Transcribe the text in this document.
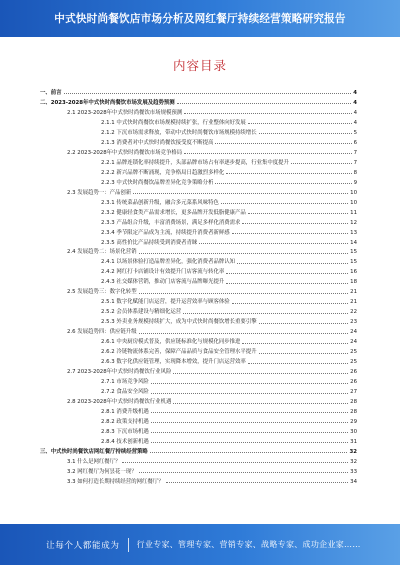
中式快时尚餐饮店市场分析及网红餐厅持续经营策略研究报告
内容目录
一、前言	4
二、2023-2028年中式快时尚餐饮市场发展及趋势预测	4
2.1 2023-2028年中式快时尚餐饮市场规模预测	4
2.1.1 中式快时尚餐饮市场规模持续扩张，行业整体向好发展	4
2.1.2 下沉市场需求释放，带动中式快时尚餐饮市场规模持续增长	5
2.1.3 消费者对中式快时尚餐饮接受度不断提高	6
2.2 2023-2028年中式快时尚餐饮市场竞争格局	7
2.2.1 品牌连锁化率持续提升，头部品牌市场占有率逐步提高，行业集中度提升	7
2.2.2 新兴品牌不断涌现，竞争格局日趋激烈多样化	8
2.2.3 中式快时尚餐饮品牌差异化竞争策略分析	9
2.3 发展趋势一：产品创新	10
2.3.1 传统菜品创新升级，融合多元菜系风味特色	10
2.3.2 健康轻食类产品需求增长，更多品牌开发低脂健康产品	11
2.3.3 产品组合升级，丰富消费场景，满足多样化消费需求	12
2.3.4 季节限定产品成为主流，持续提升消费者新鲜感	13
2.3.5 高性价比产品持续受到消费者青睐	14
2.4 发展趋势二：场景化营销	15
2.4.1 以场景体验打造品牌差异化，强化消费者品牌认知	15
2.4.2 网红打卡店铺设计有效提升门店客流与转化率	16
2.4.3 社交媒体营销，推动门店客流与品牌曝光提升	18
2.5 发展趋势三：数字化转型	21
2.5.1 数字化赋能门店运营，提升运营效率与顾客体验	21
2.5.2 会员体系建设与精细化运营	22
2.5.3 外卖业务规模持续扩大，成为中式快时尚餐饮增长重要引擎	23
2.6 发展趋势四：供应链升级	24
2.6.1 中央厨房模式普及，供应链标准化与规模化同步推进	24
2.6.2 冷链物流体系完善，保障产品品质与食品安全管理水平提升	25
2.6.3 数字化供应链管理，实现降本增效，提升门店运营效率	25
2.7 2023-2028年中式快时尚餐饮行业风险	26
2.7.1 市场竞争风险	26
2.7.2 食品安全风险	27
2.8 2023-2028年中式快时尚餐饮行业机遇	28
2.8.1 消费升级机遇	28
2.8.2 政策支持机遇	29
2.8.3 下沉市场机遇	30
2.8.4 技术创新机遇	31
三、中式快时尚餐饮店网红餐厅持续经营策略	32
3.1 什么是网红餐厅？	32
3.2 网红餐厅为何昙花一现？	33
3.3 如何打造长期持续经营的网红餐厅？	34
让每个人都能成为 行业专家、管理专家、营销专家、战略专家、成功企业家……
